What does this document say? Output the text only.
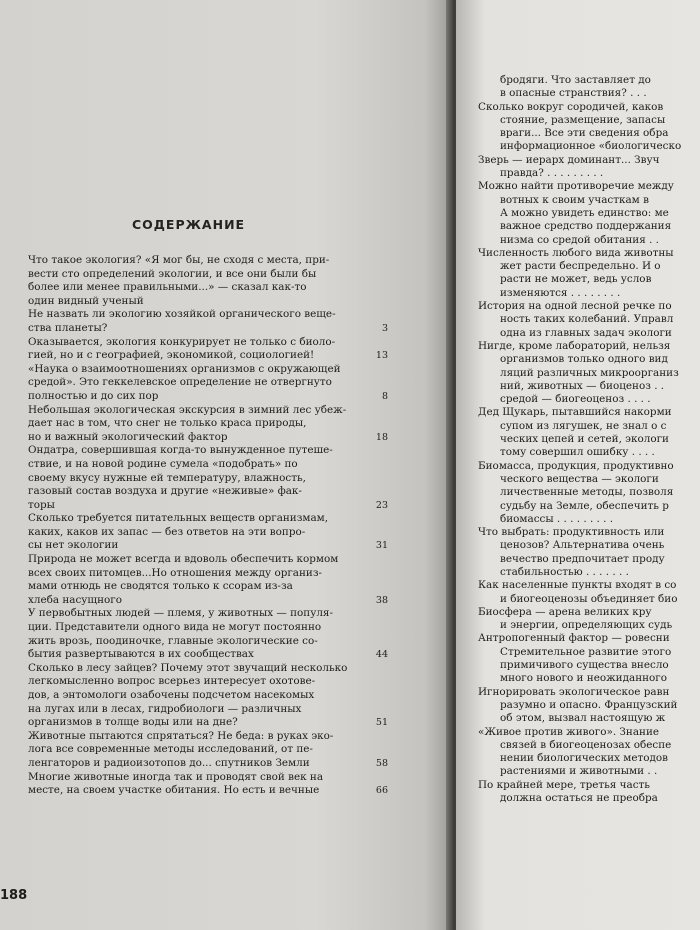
бродяги. Что заставляет до
в опасные странствия? . . .
Сколько вокруг сородичей, каков
стояние, размещение, запасы
враги... Все эти сведения обра
информационное «биологическо
Зверь — иерарх доминант... Звуч
правда? . . . . . . . . .
Можно найти противоречие между
вотных к своим участкам в
А можно увидеть единство: ме
важное средство поддержания
низма со средой обитания . .
Численность любого вида животны
жет расти беспредельно. И о
расти не может, ведь услов
изменяются . . . . . . . .
История на одной лесной речке по
ность таких колебаний. Управл
одна из главных задач экологи
Нигде, кроме лабораторий, нельзя
организмов только одного вид
ляций различных микроорганиз
ний, животных — биоценоз . .
средой — биогеоценоз . . . .
Дед Щукарь, пытавшийся накорми
супом из лягушек, не знал о с
ческих цепей и сетей, экологи
тому совершил ошибку . . . .
Биомасса, продукция, продуктивно
ческого вещества — экологи
личественные методы, позволя
судьбу на Земле, обеспечить р
биомассы . . . . . . . . .
Что выбрать: продуктивность или
ценозов? Альтернатива очень
вечество предпочитает проду
стабильностью . . . . . . .
Как населенные пункты входят в со
и биогеоценозы объединяет био
Биосфера — арена великих кру
и энергии, определяющих судь
Антропогенный фактор — ровесни
Стремительное развитие этого
примичивого существа внесло
много нового и неожиданного
Игнорировать экологическое равн
разумно и опасно. Французский
об этом, вызвал настоящую ж
«Живое против живого». Знание
связей в биогеоценозах обеспе
нении биологических методов
растениями и животными . .
По крайней мере, третья часть
должна остаться не преобра
СОДЕРЖАНИЕ
Что такое экология? «Я мог бы, не сходя с места, при-
вести сто определений экологии, и все они были бы
более или менее правильными...» — сказал как-то
один видный ученый
Не назвать ли экологию хозяйкой органического веще-
ства планеты?	3
Оказывается, экология конкурирует не только с биоло-
гией, но и с географией, экономикой, социологией!	13
«Наука о взаимоотношениях организмов с окружающей
средой». Это геккелевское определение не отвергнуто
полностью и до сих пор	8
Небольшая экологическая экскурсия в зимний лес убеж-
дает нас в том, что снег не только краса природы,
но и важный экологический фактор	18
Ондатра, совершившая когда-то вынужденное путеше-
ствие, и на новой родине сумела «подобрать» по
своему вкусу нужные ей температуру, влажность,
газовый состав воздуха и другие «неживые» фак-
торы	23
Сколько требуется питательных веществ организмам,
каких, каков их запас — без ответов на эти вопро-
сы нет экологии	31
Природа не может всегда и вдоволь обеспечить кормом
всех своих питомцев...Но отношения между организ-
мами отнюдь не сводятся только к ссорам из-за
хлеба насущного	38
У первобытных людей — племя, у животных — популя-
ции. Представители одного вида не могут постоянно
жить врозь, поодиночке, главные экологические со-
бытия развертываются в их сообществах	44
Сколько в лесу зайцев? Почему этот звучащий несколько
легкомысленно вопрос всерьез интересует охотове-
дов, а энтомологи озабочены подсчетом насекомых
на лугах или в лесах, гидробиологи — различных
организмов в толще воды или на дне?	51
Животные пытаются спрятаться? Не беда: в руках эко-
лога все современные методы исследований, от пе-
ленгаторов и радиоизотопов до... спутников Земли	58
Многие животные иногда так и проводят свой век на
месте, на своем участке обитания. Но есть и вечные	66
188
